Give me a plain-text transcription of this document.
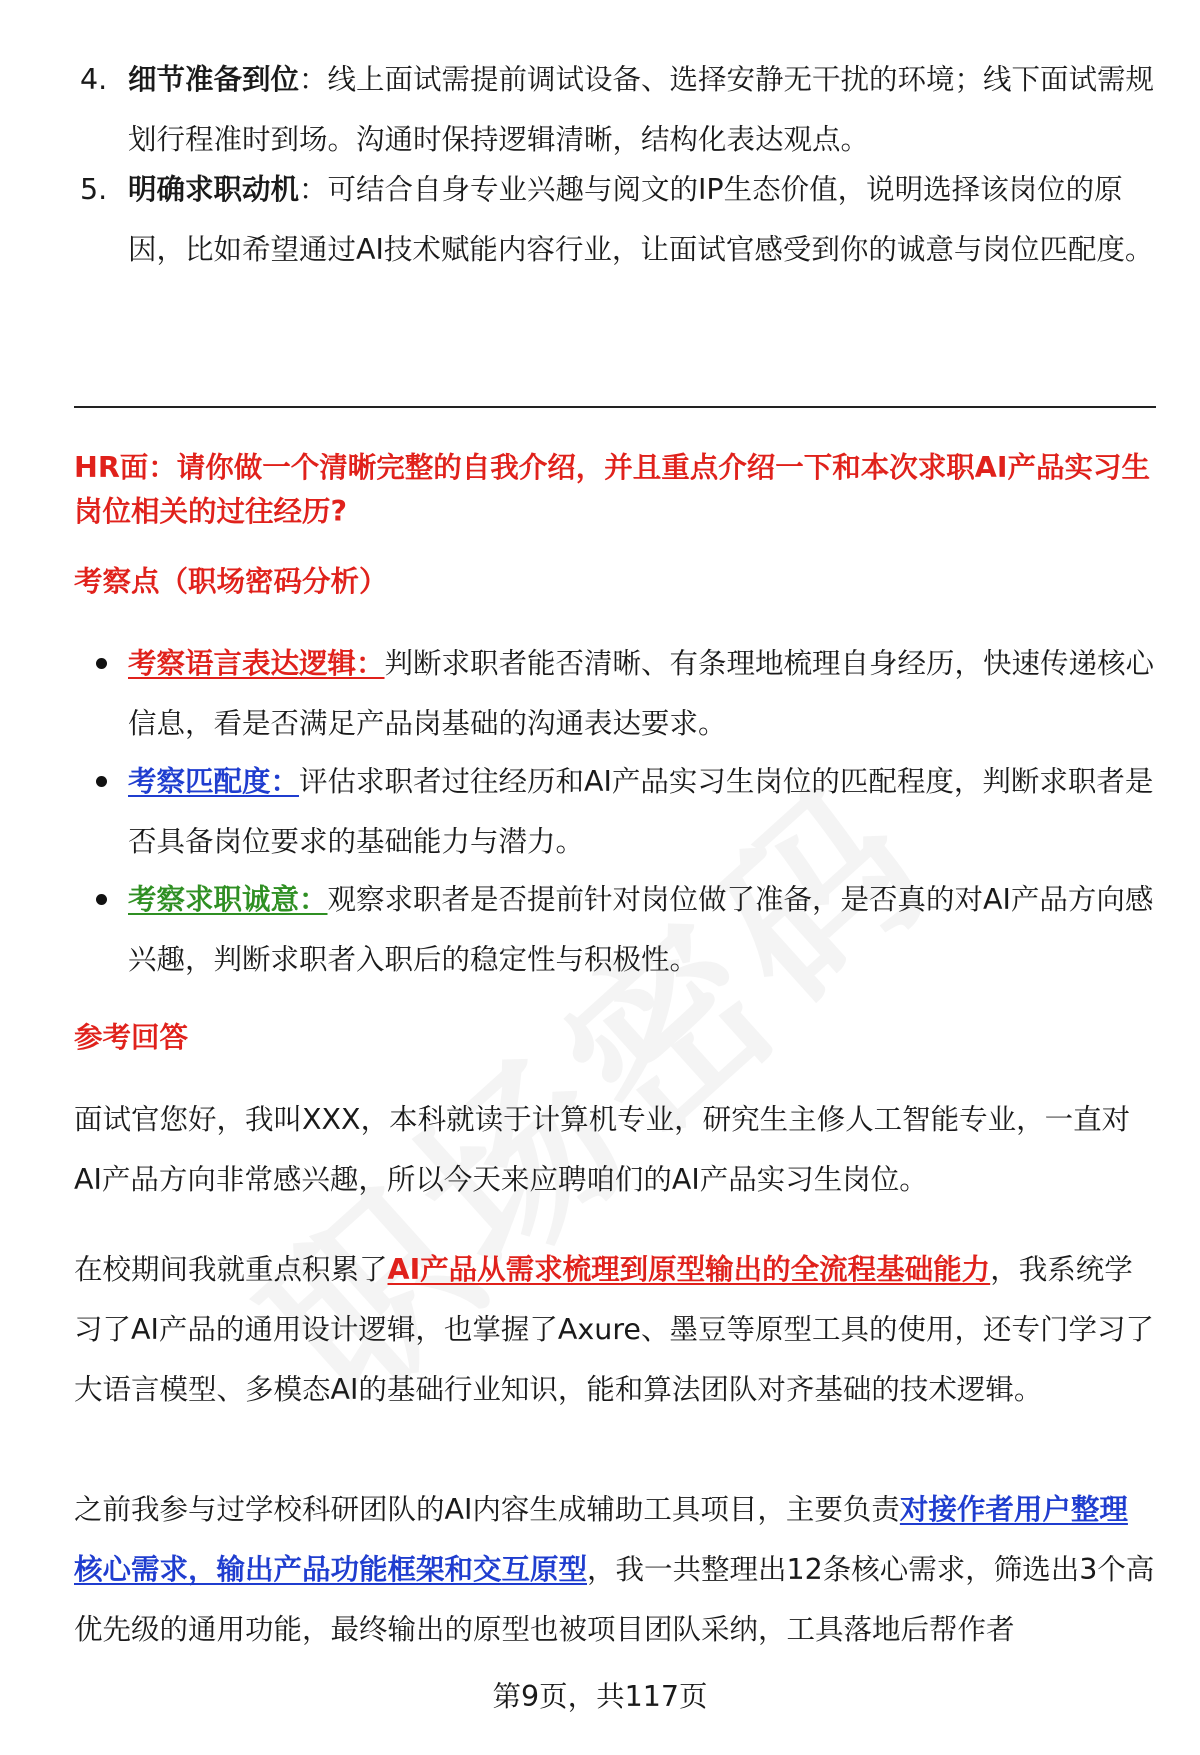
4. 细节准备到位：线上面试需提前调试设备、选择安静无干扰的环境；线下面试需规划行程准时到场。沟通时保持逻辑清晰，结构化表达观点。
5. 明确求职动机：可结合自身专业兴趣与阅文的IP生态价值，说明选择该岗位的原因，比如希望通过AI技术赋能内容行业，让面试官感受到你的诚意与岗位匹配度。
HR面：请你做一个清晰完整的自我介绍，并且重点介绍一下和本次求职AI产品实习生岗位相关的过往经历?
考察点（职场密码分析）
考察语言表达逻辑：判断求职者能否清晰、有条理地梳理自身经历，快速传递核心信息，看是否满足产品岗基础的沟通表达要求。
考察匹配度：评估求职者过往经历和AI产品实习生岗位的匹配程度，判断求职者是否具备岗位要求的基础能力与潜力。
考察求职诚意：观察求职者是否提前针对岗位做了准备，是否真的对AI产品方向感兴趣，判断求职者入职后的稳定性与积极性。
参考回答
面试官您好，我叫XXX，本科就读于计算机专业，研究生主修人工智能专业，一直对AI产品方向非常感兴趣，所以今天来应聘咱们的AI产品实习生岗位。
在校期间我就重点积累了AI产品从需求梳理到原型输出的全流程基础能力，我系统学习了AI产品的通用设计逻辑，也掌握了Axure、墨豆等原型工具的使用，还专门学习了大语言模型、多模态AI的基础行业知识，能和算法团队对齐基础的技术逻辑。
之前我参与过学校科研团队的AI内容生成辅助工具项目，主要负责对接作者用户整理核心需求，输出产品功能框架和交互原型，我一共整理出12条核心需求，筛选出3个高优先级的通用功能，最终输出的原型也被项目团队采纳，工具落地后帮作者
第9页，共117页
